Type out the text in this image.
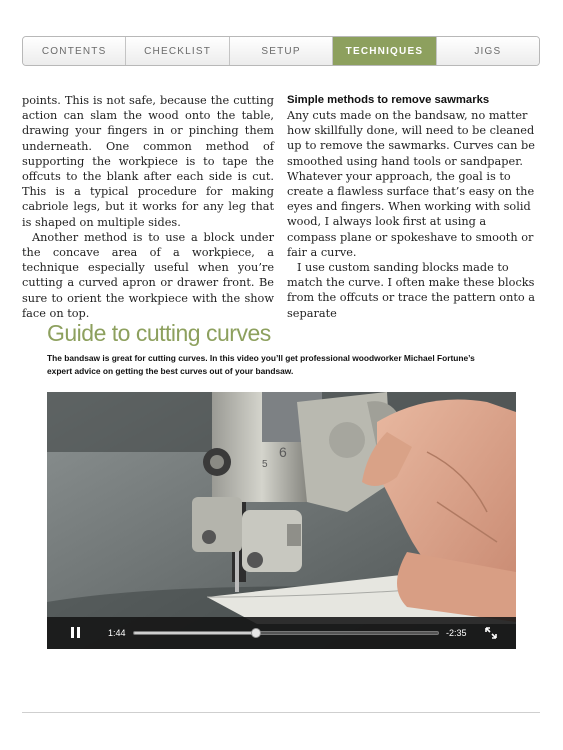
CONTENTS	CHECKLIST	SETUP	TECHNIQUES	JIGS

points. This is not safe, because the cutting action can slam the wood onto the table, drawing your fingers in or pinching them underneath. One common method of supporting the workpiece is to tape the offcuts to the blank after each side is cut. This is a typical procedure for making cabriole legs, but it works for any leg that is shaped on multiple sides.

Another method is to use a block under the concave area of a workpiece, a technique especially useful when you’re cutting a curved apron or drawer front. Be sure to orient the workpiece with the show face on top.

Simple methods to remove sawmarks

Any cuts made on the bandsaw, no matter how skillfully done, will need to be cleaned up to remove the sawmarks. Curves can be smoothed using hand tools or sandpaper. Whatever your approach, the goal is to create a flawless surface that’s easy on the eyes and fingers. When working with solid wood, I always look first at using a compass plane or spokeshave to smooth or fair a curve.

I use custom sanding blocks made to match the curve. I often make these blocks from the offcuts or trace the pattern onto a separate

Guide to cutting curves
The bandsaw is great for cutting curves. In this video you’ll get professional woodworker Michael Fortune’s expert advice on getting the best curves out of your bandsaw.
6
5
1:44	-2:35
